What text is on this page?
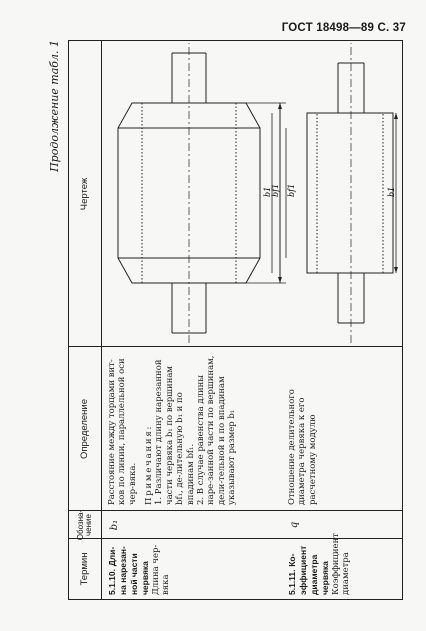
ГОСТ 18498—89 С. 37
Продолжение табл. 1
Термин
Обозна-
чение
Определение
Чертеж
5.1.10. Дли-на нарезан-ной части червяка
Длина чер-вяка
b₁

Расстояние между торцами вит-ков по линии, параллельной оси чер-вяка. Примечания: 1. Различают длину нарезанной части червяка b₁ по вершинам bf₁, де-лительную b₁ и по впадинам bf₁. 2. В случае равенства длины наре-занной части по вершинам, дели-тельной и по впадинам указывают размер b₁

5.1.11. Ко-эффициент диаметра червяка
Коэффициент диаметра
q

Отношение делительного диаметра червяка к его расчетному модулю

bf1
b1 bf1	b1
